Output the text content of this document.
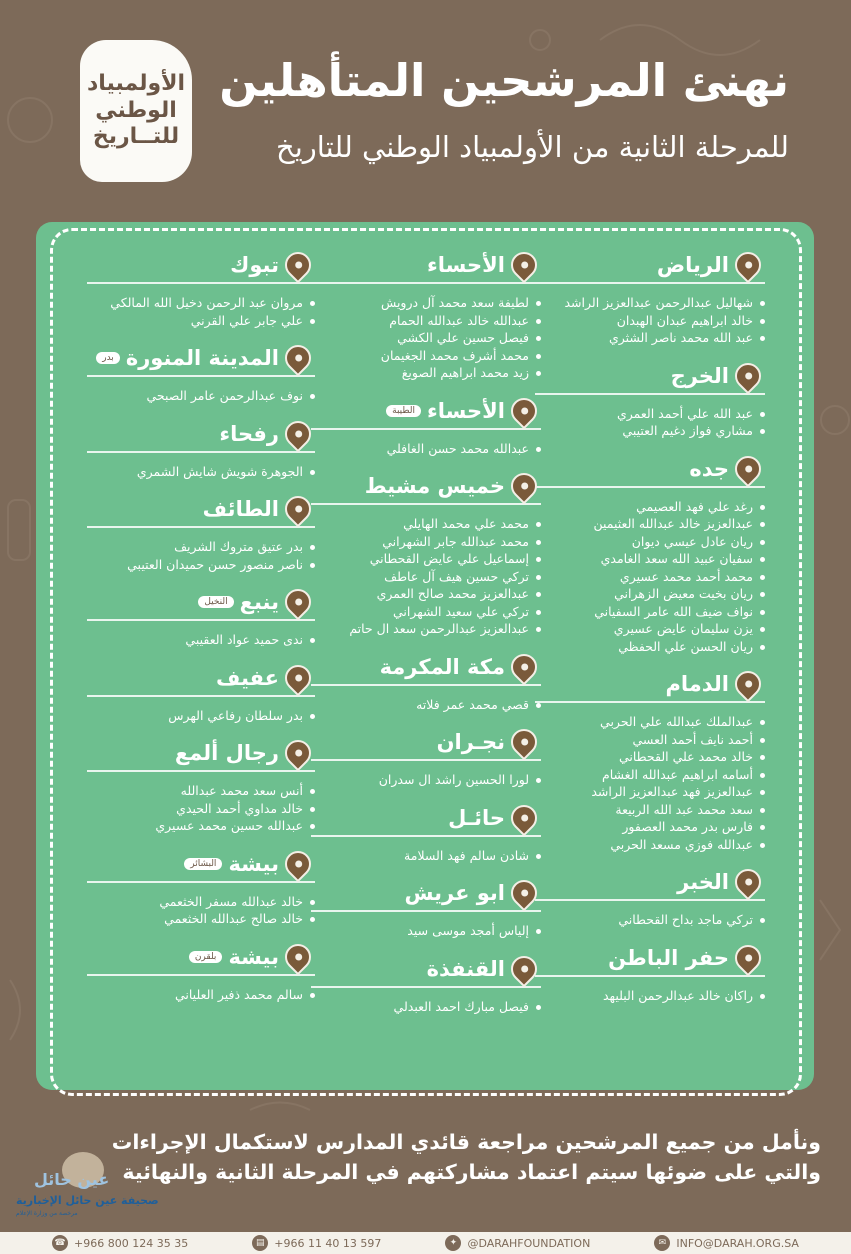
الأولمبياد
الوطني
للتــاريخ
نهنئ المرشحين المتأهلين
للمرحلة الثانية من الأولمبياد الوطني للتاريخ
الرياض
شهاليل عبدالرحمن عبدالعزيز الراشد
خالد ابراهيم عبدان الهبدان
عبد الله محمد ناصر الشثري
الخرج
عبد الله علي أحمد العمري
مشاري فواز دغيم العتيبي
جده
رغد علي فهد العصيمي
عبدالعزيز خالد عبدالله العثيمين
ريان عادل عيسي ديوان
سفيان عبيد الله سعد الغامدي
محمد أحمد محمد عسيري
ريان بخيت معيض الزهراني
نواف ضيف الله عامر السفياني
يزن سليمان عايض عسيري
ريان الحسن علي الحفظي
الدمام
عبدالملك عبدالله علي الحربي
أحمد نايف أحمد العسي
خالد محمد علي القحطاني
أسامه ابراهيم عبدالله الغشام
عبدالعزيز فهد عبدالعزيز الراشد
سعد محمد عبد الله الربيعة
فارس بدر محمد العصفور
عبدالله فوزي مسعد الحربي
الخبر
تركي ماجد بداح القحطاني
حفر الباطن
راكان خالد عبدالرحمن البليهد
الأحساء
لطيفة سعد محمد آل درويش
عبدالله خالد عبدالله الحمام
فيصل حسين علي الكشي
محمد أشرف محمد الجغيمان
زيد محمد ابراهيم الصويغ
الأحساء
الطيبة
عبدالله محمد حسن الغافلي
خميس مشيط
محمد علي محمد الهايلي
محمد عبدالله جابر الشهراني
إسماعيل علي عايض القحطاني
تركي حسين هيف آل عاطف
عبدالعزيز محمد صالح العمري
تركي علي سعيد الشهراني
عبدالعزيز عبدالرحمن سعد ال حاتم
مكة المكرمة
قصي محمد عمر فلاته
نجـران
لورا الحسين راشد ال سدران
حائـل
شادن سالم فهد السلامة
ابو عريش
إلياس أمجد موسى سيد
القنفذة
فيصل مبارك احمد العبدلي
تبوك
مروان عبد الرحمن دخيل الله المالكي
علي جابر علي القرني
المدينة المنورة
بدر
نوف عبدالرحمن عامر الصبحي
رفحاء
الجوهرة شويش شايش الشمري
الطائف
بدر عتيق متروك الشريف
ناصر منصور حسن حميدان العتيبي
ينبع
النخيل
ندى حميد عواد العقيبي
عفيف
بدر سلطان رفاعي الهرس
رجال ألمع
أنس سعد محمد عبدالله
خالد مداوي أحمد الحيدي
عبدالله حسين محمد عسيري
بيشة
البشائر
خالد عبدالله مسفر الخثعمي
خالد صالح عبدالله الخثعمي
بيشة
بلقرن
سالم محمد ذفير العلياني

ونأمل من جميع المرشحين مراجعة قائدي المدارس لاستكمال الإجراءات

والتي على ضوئها سيتم اعتماد مشاركتهم في المرحلة الثانية والنهائية

عين حائل
صحيفة عين حائل الإخبارية
مرخصة من وزارة الإعلام
☎ +966 800 124 35 35	▤ +966 11 40 13 597	✦ @DARAHFOUNDATION	✉ INFO@DARAH.ORG.SA
